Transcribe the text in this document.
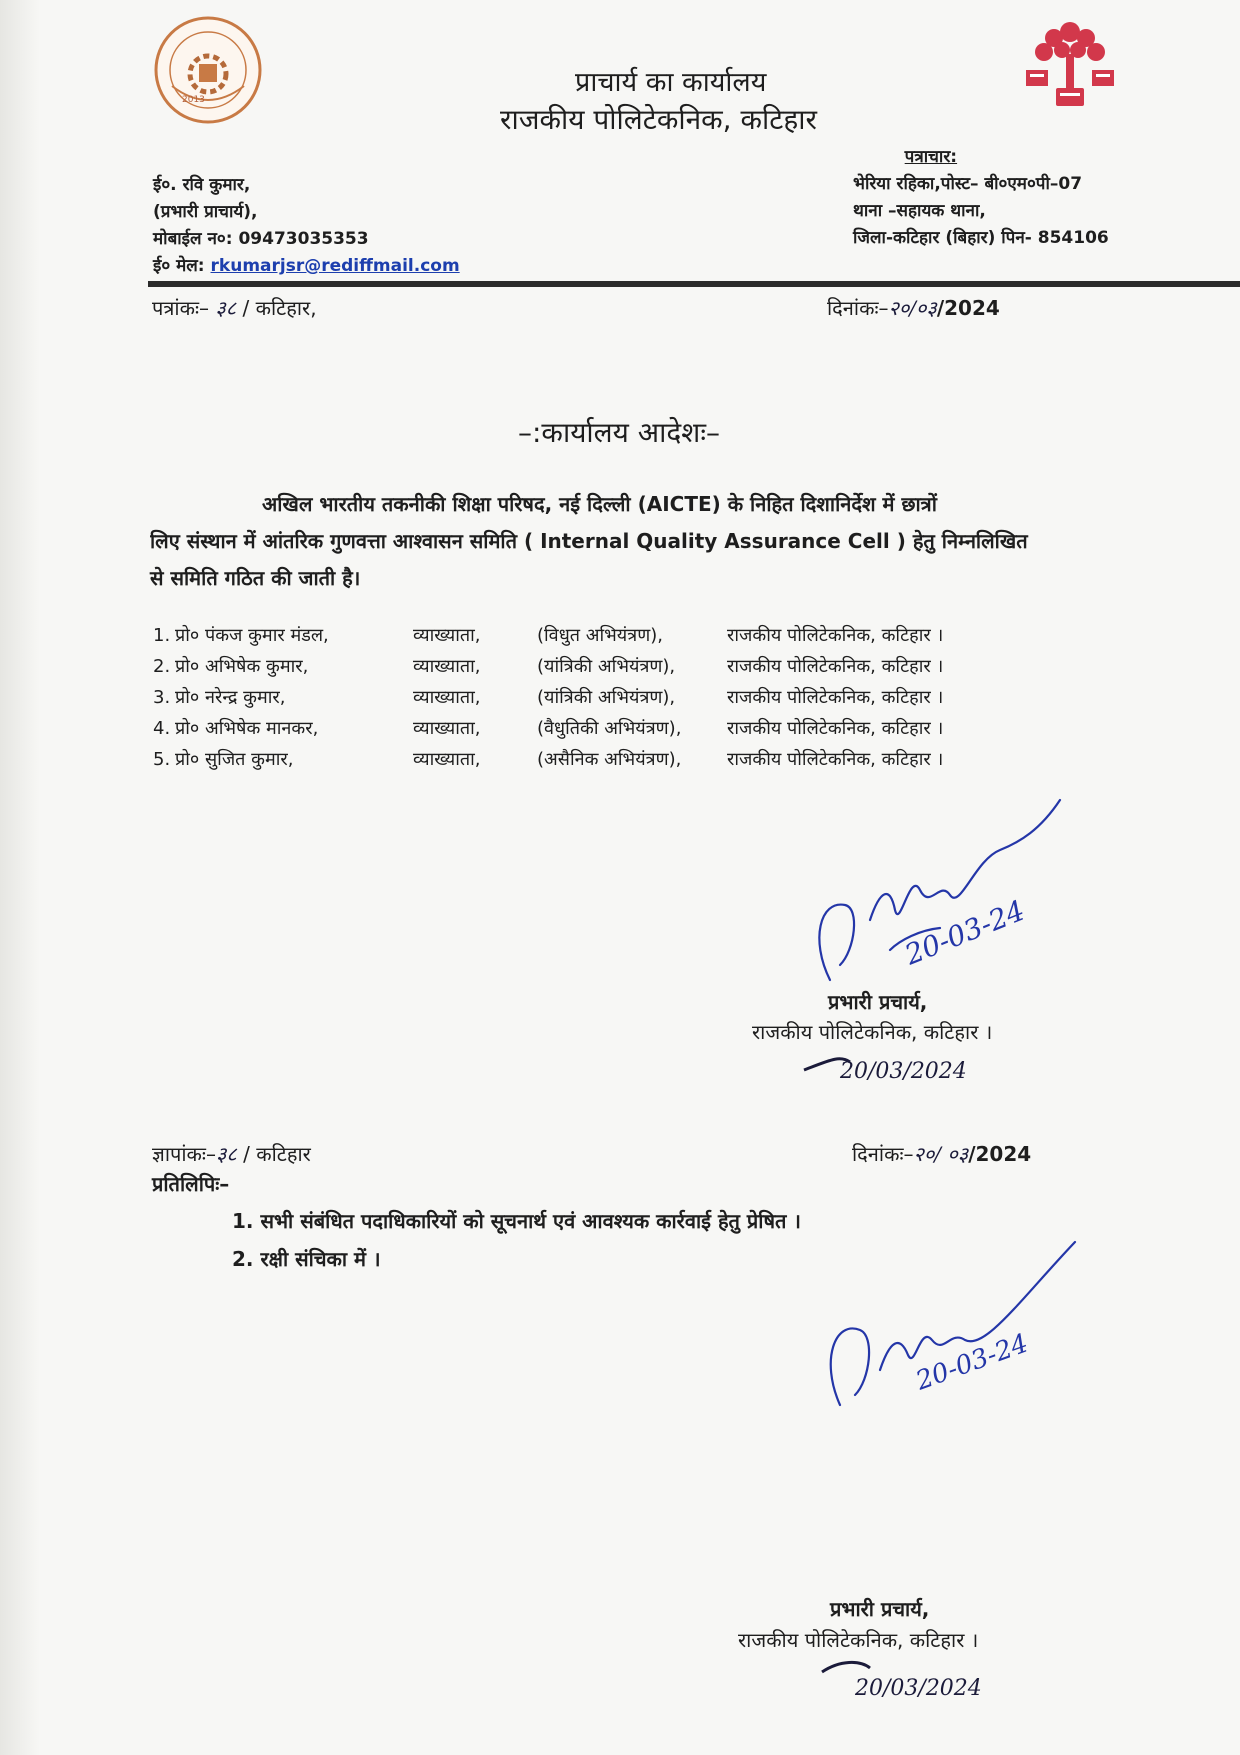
2013
प्राचार्य का कार्यालय
राजकीय पोलिटेकनिक, कटिहार
ई०. रवि कुमार,
(प्रभारी प्राचार्य),
मोबाईल न०: 09473035353
ई० मेल: rkumarjsr@rediffmail.com
पत्राचार:
भेरिया रहिका,पोस्ट– बी०एम०पी–07
थाना –सहायक थाना,
जिला-कटिहार (बिहार) पिन- 854106
पत्रांकः– ३८ / कटिहार,	दिनांकः–२०/०३/2024
–:कार्यालय आदेशः–
अखिल भारतीय तकनीकी शिक्षा परिषद, नई दिल्ली (AICTE) के निहित दिशानिर्देश में छात्रों
लिए संस्थान में आंतरिक गुणवत्ता आश्वासन समिति ( Internal Quality Assurance Cell ) हेतु निम्नलिखित
से समिति गठित की जाती है।
1. प्रो० पंकज कुमार मंडल,	व्याख्याता,	(विधुत अभियंत्रण),	राजकीय पोलिटेकनिक, कटिहार ।
2. प्रो० अभिषेक कुमार,	व्याख्याता,	(यांत्रिकी अभियंत्रण),	राजकीय पोलिटेकनिक, कटिहार ।
3. प्रो० नरेन्द्र कुमार,	व्याख्याता,	(यांत्रिकी अभियंत्रण),	राजकीय पोलिटेकनिक, कटिहार ।
4. प्रो० अभिषेक मानकर,	व्याख्याता,	(वैधुतिकी अभियंत्रण),	राजकीय पोलिटेकनिक, कटिहार ।
5. प्रो० सुजित कुमार,	व्याख्याता,	(असैनिक अभियंत्रण),	राजकीय पोलिटेकनिक, कटिहार ।
20-03-24
प्रभारी प्रचार्य,
राजकीय पोलिटेकनिक, कटिहार ।
20/03/2024
ज्ञापांकः–३८ / कटिहार	दिनांकः–२०/ ०३/2024
प्रतिलिपिः–
1. सभी संबंधित पदाधिकारियों को सूचनार्थ एवं आवश्यक कार्रवाई हेतु प्रेषित ।
2. रक्षी संचिका में ।
20-03-24
प्रभारी प्रचार्य,
राजकीय पोलिटेकनिक, कटिहार ।
20/03/2024
